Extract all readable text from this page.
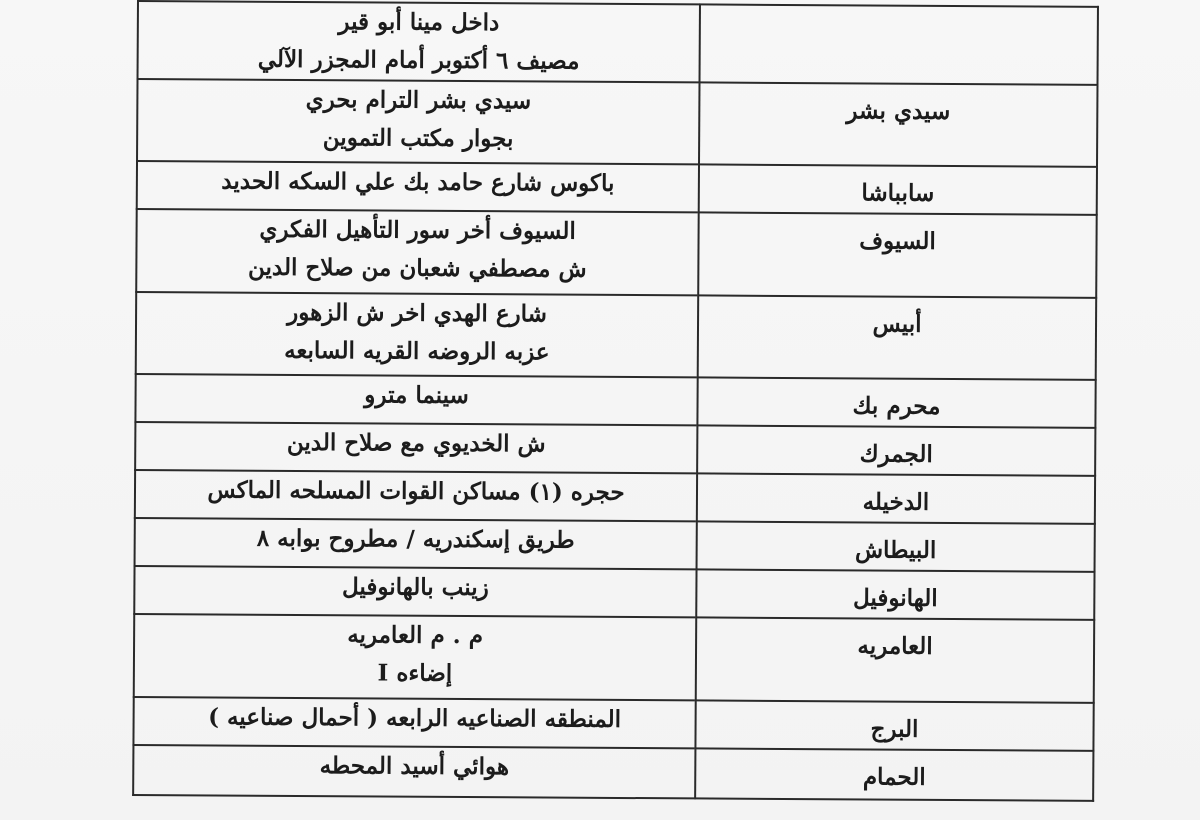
	داخل مينا أبو قير
مصيف ٦ أكتوبر أمام المجزر الآلي

سيدي بشر	سيدي بشر الترام بحري
بجوار مكتب التموين

سابباشا	باكوس شارع حامد بك علي السكه الحديد

السيوف	السيوف أخر سور التأهيل الفكري
ش مصطفي شعبان من صلاح الدين

أبيس	شارع الهدي اخر ش الزهور
عزبه الروضه القريه السابعه

محرم بك	سينما مترو

الجمرك	ش الخديوي مع صلاح الدين

الدخيله	حجره (١) مساكن القوات المسلحه الماكس

البيطاش	طريق إسكندريه / مطروح بوابه ٨

الهانوفيل	زينب بالهانوفيل

العامريه	م . م العامريه
إضاءه I

البرج	المنطقه الصناعيه الرابعه ( أحمال صناعيه )

الحمام	هوائي أسيد المحطه
